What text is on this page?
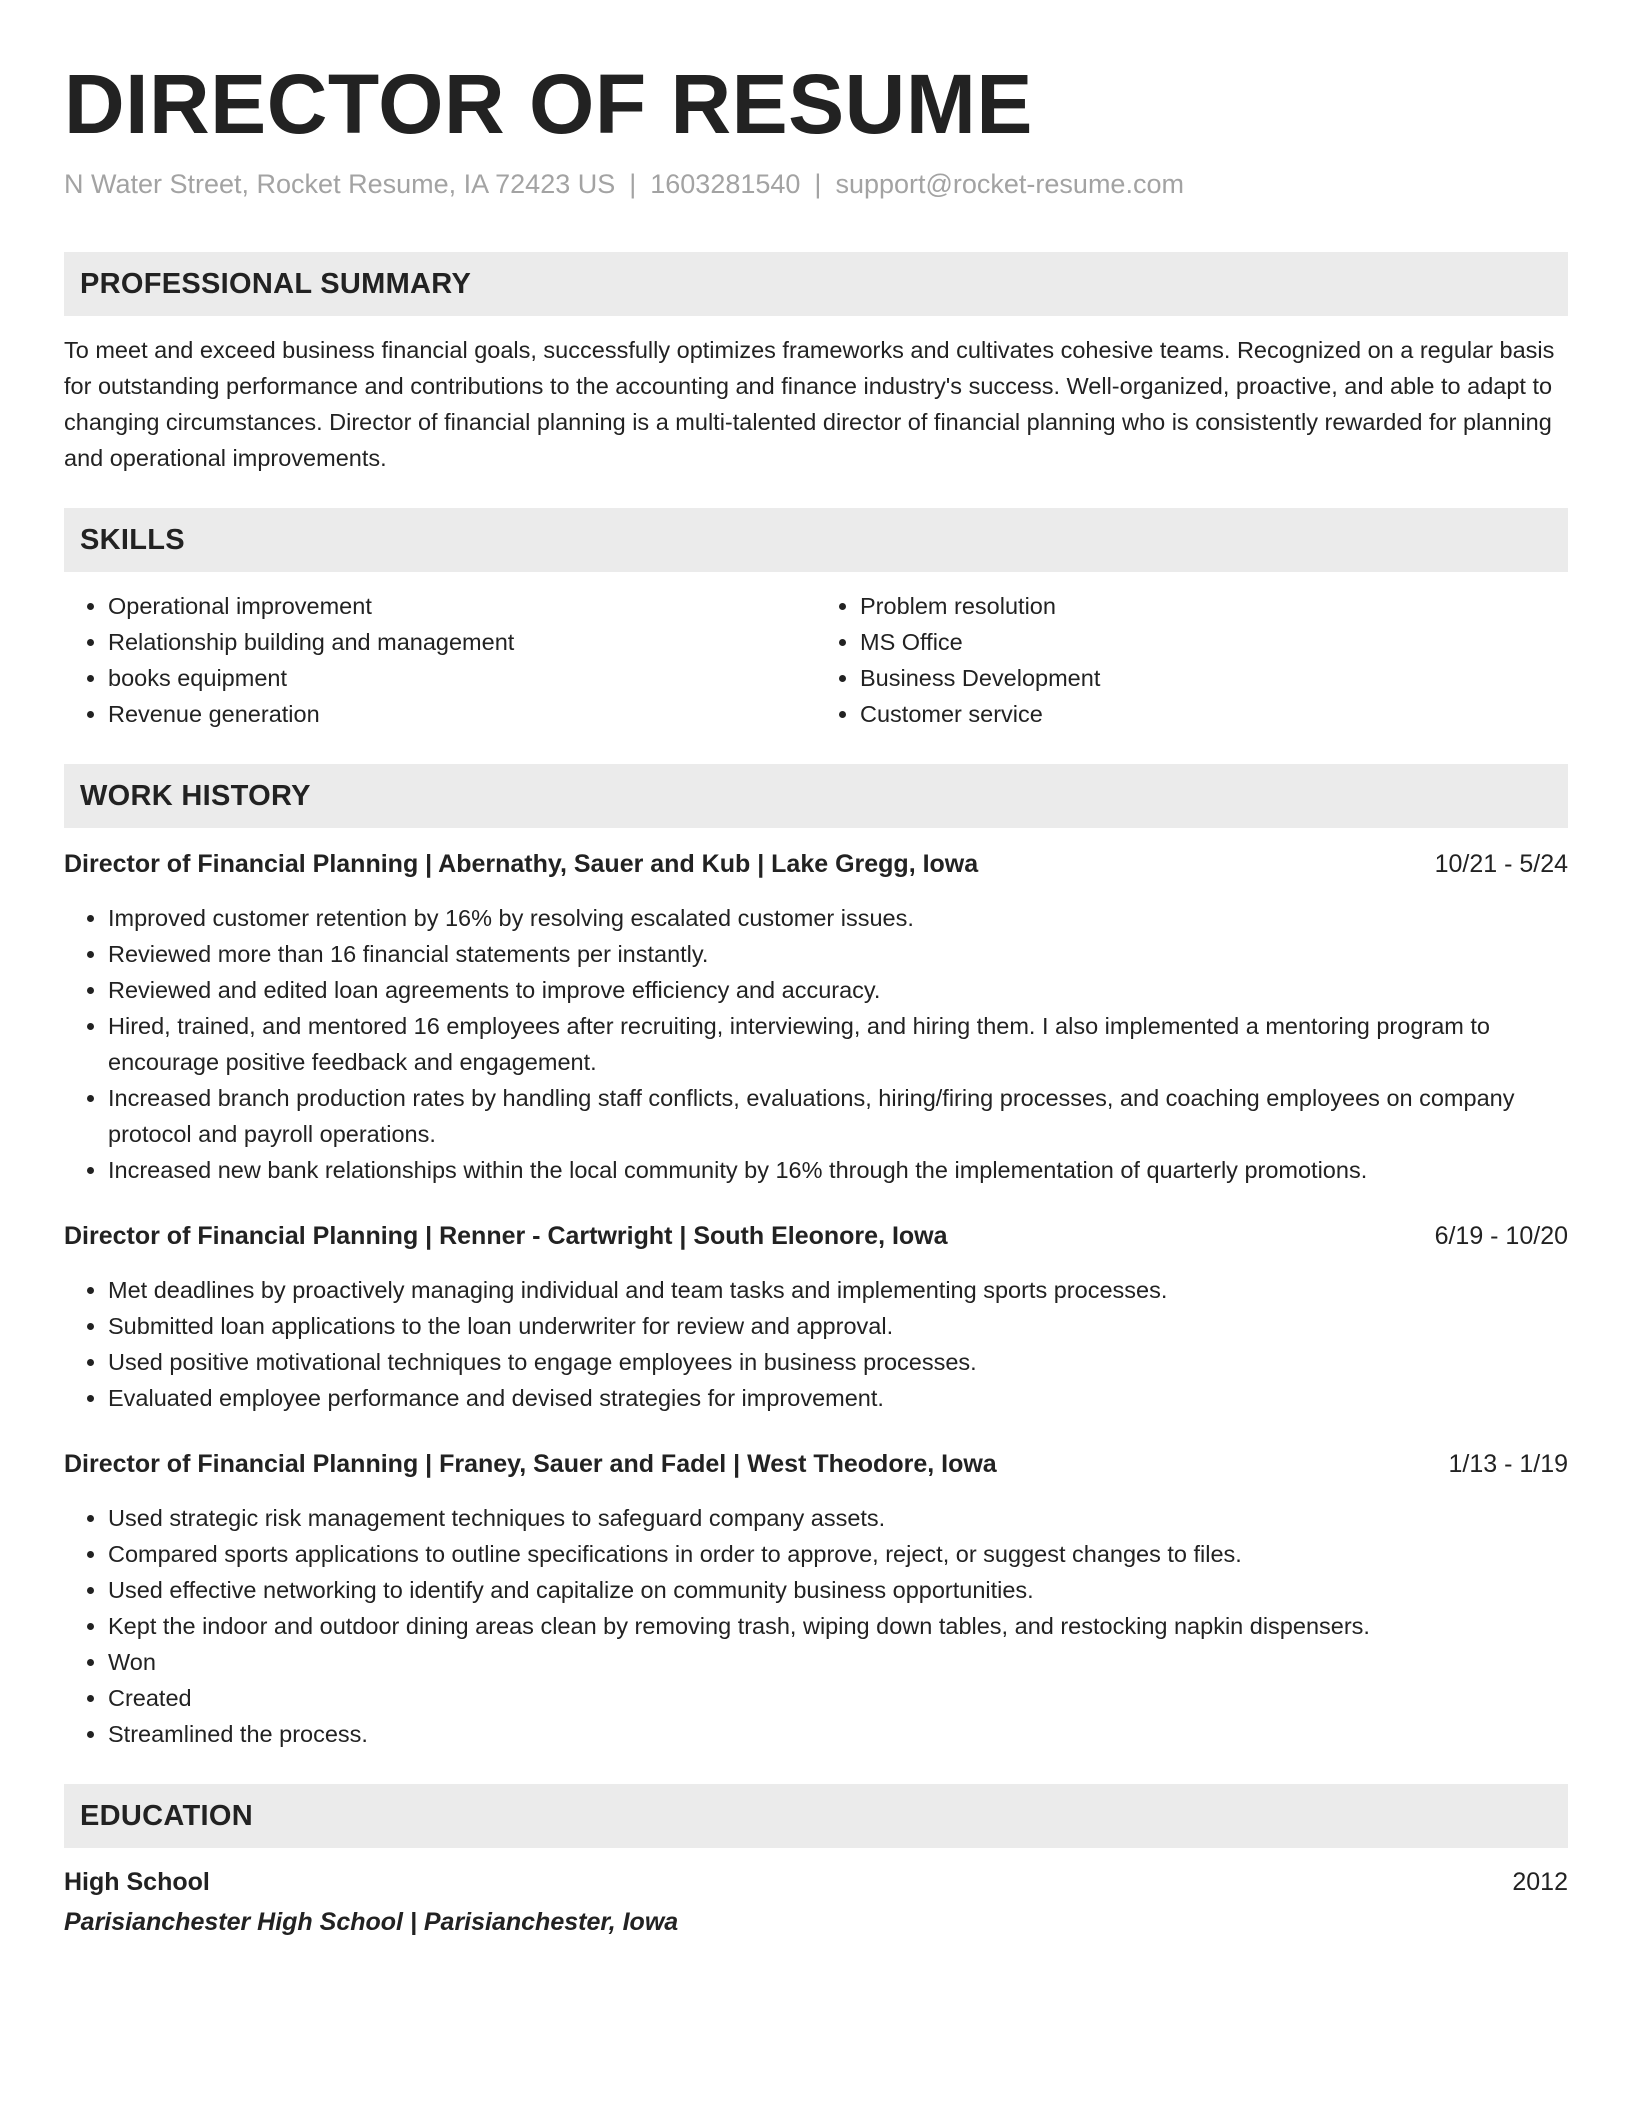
DIRECTOR OF RESUME
N Water Street, Rocket Resume, IA 72423 US | 1603281540 | support@rocket-resume.com
PROFESSIONAL SUMMARY

To meet and exceed business financial goals, successfully optimizes frameworks and cultivates cohesive teams. Recognized on a regular basis for outstanding performance and contributions to the accounting and finance industry's success. Well-organized, proactive, and able to adapt to changing circumstances. Director of financial planning is a multi-talented director of financial planning who is consistently rewarded for planning and operational improvements.

SKILLS
• Operational improvement
• Relationship building and management
• books equipment
• Revenue generation
• Problem resolution
• MS Office
• Business Development
• Customer service
WORK HISTORY
Director of Financial Planning | Abernathy, Sauer and Kub | Lake Gregg, Iowa	10/21 - 5/24
• Improved customer retention by 16% by resolving escalated customer issues.
• Reviewed more than 16 financial statements per instantly.
• Reviewed and edited loan agreements to improve efficiency and accuracy.
• Hired, trained, and mentored 16 employees after recruiting, interviewing, and hiring them. I also implemented a mentoring program to encourage positive feedback and engagement.
• Increased branch production rates by handling staff conflicts, evaluations, hiring/firing processes, and coaching employees on company protocol and payroll operations.
• Increased new bank relationships within the local community by 16% through the implementation of quarterly promotions.
Director of Financial Planning | Renner - Cartwright | South Eleonore, Iowa	6/19 - 10/20
• Met deadlines by proactively managing individual and team tasks and implementing sports processes.
• Submitted loan applications to the loan underwriter for review and approval.
• Used positive motivational techniques to engage employees in business processes.
• Evaluated employee performance and devised strategies for improvement.
Director of Financial Planning | Franey, Sauer and Fadel | West Theodore, Iowa	1/13 - 1/19
• Used strategic risk management techniques to safeguard company assets.
• Compared sports applications to outline specifications in order to approve, reject, or suggest changes to files.
• Used effective networking to identify and capitalize on community business opportunities.
• Kept the indoor and outdoor dining areas clean by removing trash, wiping down tables, and restocking napkin dispensers.
• Won
• Created
• Streamlined the process.
EDUCATION
High School	2012
Parisianchester High School | Parisianchester, Iowa
